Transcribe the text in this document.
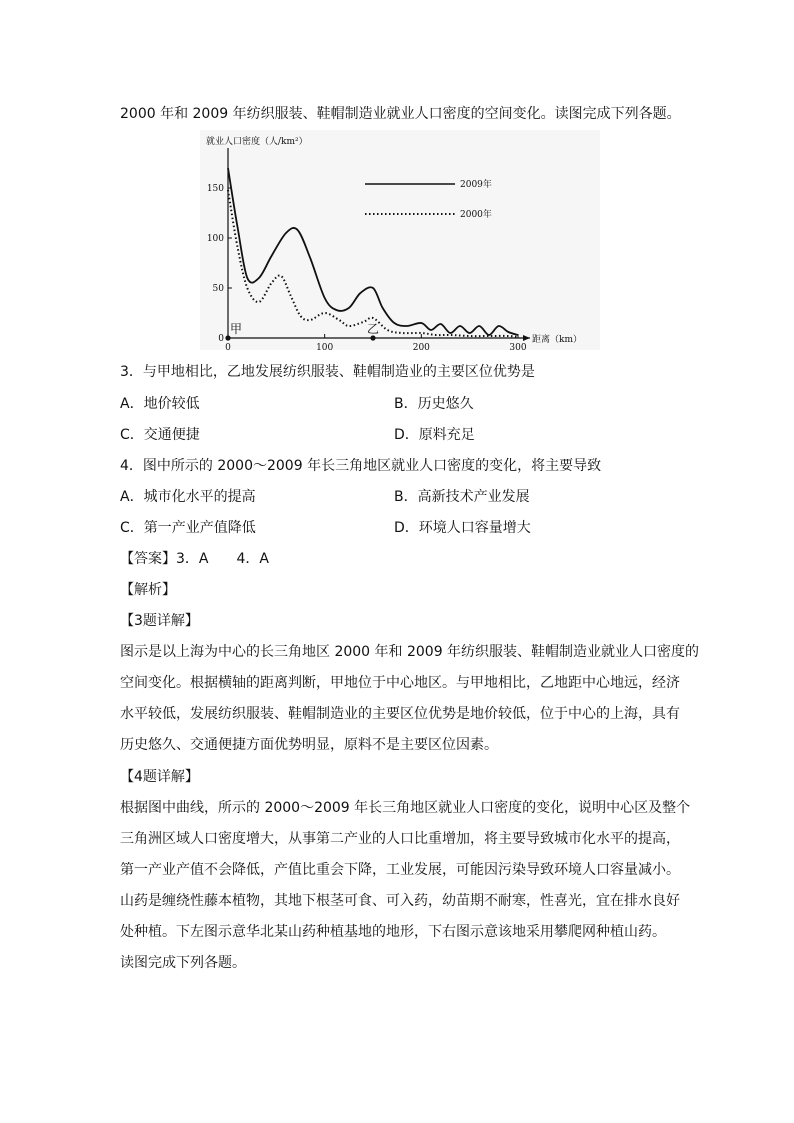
2000 年和 2009 年纺织服装、鞋帽制造业就业人口密度的空间变化。读图完成下列各题。
就业人口密度（人/km²）
距离（km）
0
50
100
150
0	100	200	300
2009年
2000年
甲	乙
3．与甲地相比，乙地发展纺织服装、鞋帽制造业的主要区位优势是
A．地价较低	B．历史悠久
C．交通便捷	D．原料充足
4．图中所示的 2000～2009 年长三角地区就业人口密度的变化，将主要导致
A．城市化水平的提高	B．高新技术产业发展
C．第一产业产值降低	D．环境人口容量增大
【答案】3．A　　4．A
【解析】
【3题详解】

图示是以上海为中心的长三角地区 2000 年和 2009 年纺织服装、鞋帽制造业就业人口密度的

空间变化。根据横轴的距离判断，甲地位于中心地区。与甲地相比，乙地距中心地远，经济

水平较低，发展纺织服装、鞋帽制造业的主要区位优势是地价较低，位于中心的上海，具有

历史悠久、交通便捷方面优势明显，原料不是主要区位因素。

【4题详解】

根据图中曲线，所示的 2000～2009 年长三角地区就业人口密度的变化，说明中心区及整个

三角洲区域人口密度增大，从事第二产业的人口比重增加，将主要导致城市化水平的提高，

第一产业产值不会降低，产值比重会下降，工业发展，可能因污染导致环境人口容量减小。

山药是缠绕性藤本植物，其地下根茎可食、可入药，幼苗期不耐寒，性喜光，宜在排水良好

处种植。下左图示意华北某山药种植基地的地形，下右图示意该地采用攀爬网种植山药。

读图完成下列各题。
